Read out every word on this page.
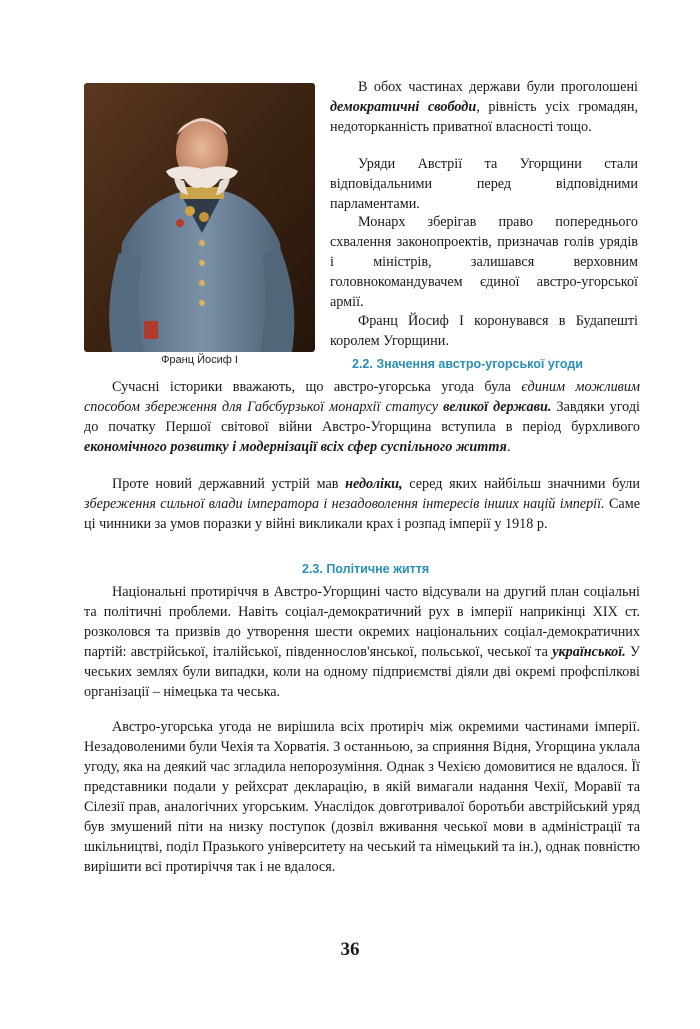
Франц Йосиф І

В обох частинах держави були проголошені демократичні свободи, рівність усіх громадян, недоторканність приватної власності тощо.

Уряди Австрії та Угорщини стали відповідальними перед відповідними парламентами.

Монарх зберігав право попереднього схвалення законопроектів, призначав голів урядів і міністрів, залишався верховним головнокомандувачем єдиної австро-угорської армії.

Франц Йосиф І коронувався в Будапешті королем Угорщини.

2.2. Значення австро-угорської угоди

Сучасні історики вважають, що австро-угорська угода була єдиним можливим способом збереження для Габсбурзької монархії статусу великої держави. Завдяки угоді до початку Першої світової війни Австро-Угорщина вступила в період бурхливого економічного розвитку і модернізації всіх сфер суспільного життя.

Проте новий державний устрій мав недоліки, серед яких найбільш значними були збереження сильної влади імператора і незадоволення інтересів інших націй імперії. Саме ці чинники за умов поразки у війні викликали крах і розпад імперії у 1918 р.

2.3. Політичне життя

Національні протиріччя в Австро-Угорщині часто відсували на другий план соціальні та політичні проблеми. Навіть соціал-демократичний рух в імперії наприкінці XIX ст. розколовся та призвів до утворення шести окремих національних соціал-демократичних партій: австрійської, італійської, південнослов'янської, польської, чеської та української. У чеських землях були випадки, коли на одному підприємстві діяли дві окремі профспілкові організації – німецька та чеська.

Австро-угорська угода не вирішила всіх протиріч між окремими частинами імперії. Незадоволеними були Чехія та Хорватія. З останньою, за сприяння Відня, Угорщина уклала угоду, яка на деякий час згладила непорозуміння. Однак з Чехією домовитися не вдалося. Її представники подали у рейхсрат декларацію, в якій вимагали надання Чехії, Моравії та Сілезії прав, аналогічних угорським. Унаслідок довготривалої боротьби австрійський уряд був змушений піти на низку поступок (дозвіл вживання чеської мови в адміністрації та шкільництві, поділ Празького університету на чеський та німецький та ін.), однак повністю вирішити всі протиріччя так і не вдалося.

36
